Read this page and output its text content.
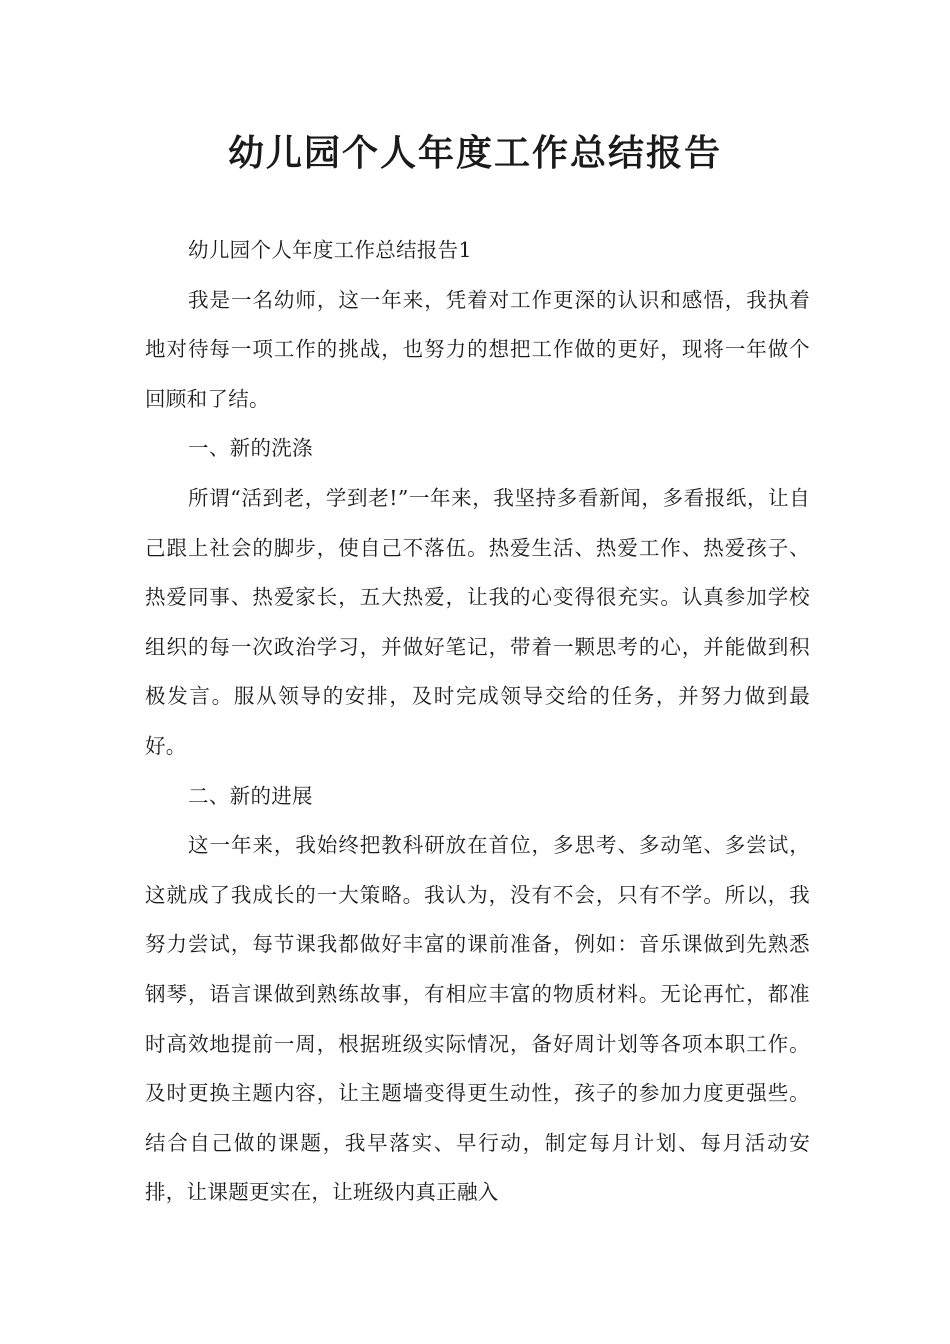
幼儿园个人年度工作总结报告

幼儿园个人年度工作总结报告1

我是一名幼师，这一年来，凭着对工作更深的认识和感悟，我执着地对待每一项工作的挑战，也努力的想把工作做的更好，现将一年做个回顾和了结。

一、新的洗涤

所谓“活到老，学到老!”一年来，我坚持多看新闻，多看报纸，让自己跟上社会的脚步，使自己不落伍。热爱生活、热爱工作、热爱孩子、热爱同事、热爱家长，五大热爱，让我的心变得很充实。认真参加学校组织的每一次政治学习，并做好笔记，带着一颗思考的心，并能做到积极发言。服从领导的安排，及时完成领导交给的任务，并努力做到最好。

二、新的进展

这一年来，我始终把教科研放在首位，多思考、多动笔、多尝试，这就成了我成长的一大策略。我认为，没有不会，只有不学。所以，我努力尝试，每节课我都做好丰富的课前准备，例如：音乐课做到先熟悉钢琴，语言课做到熟练故事，有相应丰富的物质材料。无论再忙，都准时高效地提前一周，根据班级实际情况，备好周计划等各项本职工作。及时更换主题内容，让主题墙变得更生动性，孩子的参加力度更强些。结合自己做的课题，我早落实、早行动，制定每月计划、每月活动安排，让课题更实在，让班级内真正融入
